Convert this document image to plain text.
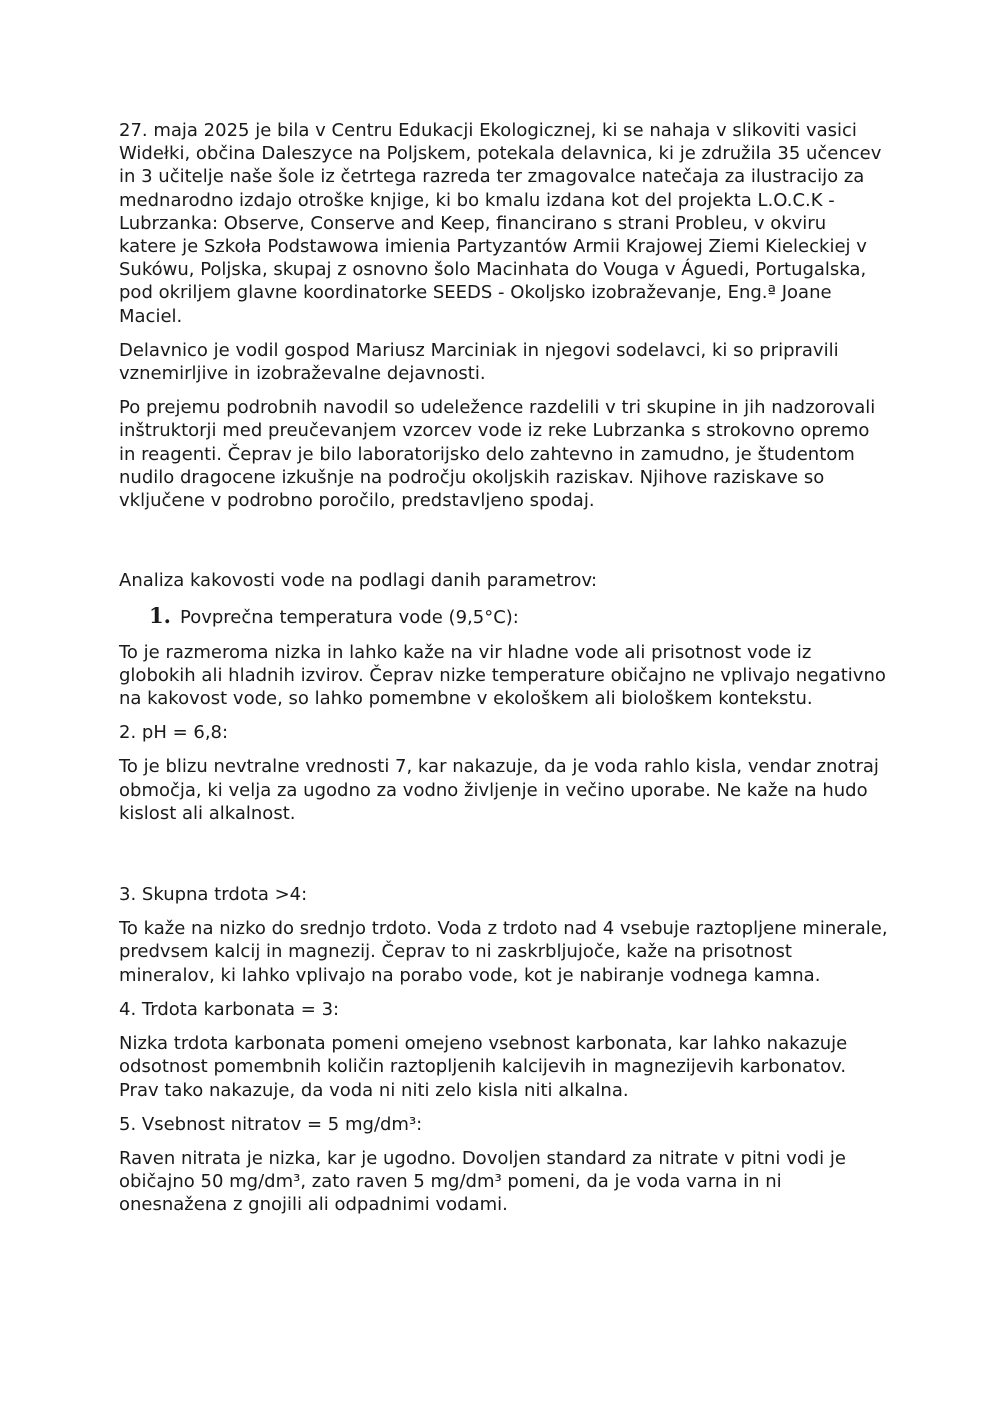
27. maja 2025 je bila v Centru Edukacji Ekologicznej, ki se nahaja v slikoviti vasici Widełki, občina Daleszyce na Poljskem, potekala delavnica, ki je združila 35 učencev in 3 učitelje naše šole iz četrtega razreda ter zmagovalce natečaja za ilustracijo za mednarodno izdajo otroške knjige, ki bo kmalu izdana kot del projekta L.O.C.K - Lubrzanka: Observe, Conserve and Keep, financirano s strani Probleu, v okviru katere je Szkoła Podstawowa imienia Partyzantów Armii Krajowej Ziemi Kieleckiej v Sukówu, Poljska, skupaj z osnovno šolo Macinhata do Vouga v Águedi, Portugalska, pod okriljem glavne koordinatorke SEEDS - Okoljsko izobraževanje, Eng.ª Joane Maciel.

Delavnico je vodil gospod Mariusz Marciniak in njegovi sodelavci, ki so pripravili vznemirljive in izobraževalne dejavnosti.

Po prejemu podrobnih navodil so udeležence razdelili v tri skupine in jih nadzorovali inštruktorji med preučevanjem vzorcev vode iz reke Lubrzanka s strokovno opremo in reagenti. Čeprav je bilo laboratorijsko delo zahtevno in zamudno, je študentom nudilo dragocene izkušnje na področju okoljskih raziskav. Njihove raziskave so vključene v podrobno poročilo, predstavljeno spodaj.

Analiza kakovosti vode na podlagi danih parametrov:

1. Povprečna temperatura vode (9,5°C):

To je razmeroma nizka in lahko kaže na vir hladne vode ali prisotnost vode iz globokih ali hladnih izvirov. Čeprav nizke temperature običajno ne vplivajo negativno na kakovost vode, so lahko pomembne v ekološkem ali biološkem kontekstu.

2. pH = 6,8:

To je blizu nevtralne vrednosti 7, kar nakazuje, da je voda rahlo kisla, vendar znotraj območja, ki velja za ugodno za vodno življenje in večino uporabe. Ne kaže na hudo kislost ali alkalnost.

3. Skupna trdota >4:

To kaže na nizko do srednjo trdoto. Voda z trdoto nad 4 vsebuje raztopljene minerale, predvsem kalcij in magnezij. Čeprav to ni zaskrbljujoče, kaže na prisotnost mineralov, ki lahko vplivajo na porabo vode, kot je nabiranje vodnega kamna.

4. Trdota karbonata = 3:

Nizka trdota karbonata pomeni omejeno vsebnost karbonata, kar lahko nakazuje odsotnost pomembnih količin raztopljenih kalcijevih in magnezijevih karbonatov. Prav tako nakazuje, da voda ni niti zelo kisla niti alkalna.

5. Vsebnost nitratov = 5 mg/dm³:

Raven nitrata je nizka, kar je ugodno. Dovoljen standard za nitrate v pitni vodi je običajno 50 mg/dm³, zato raven 5 mg/dm³ pomeni, da je voda varna in ni onesnažena z gnojili ali odpadnimi vodami.
